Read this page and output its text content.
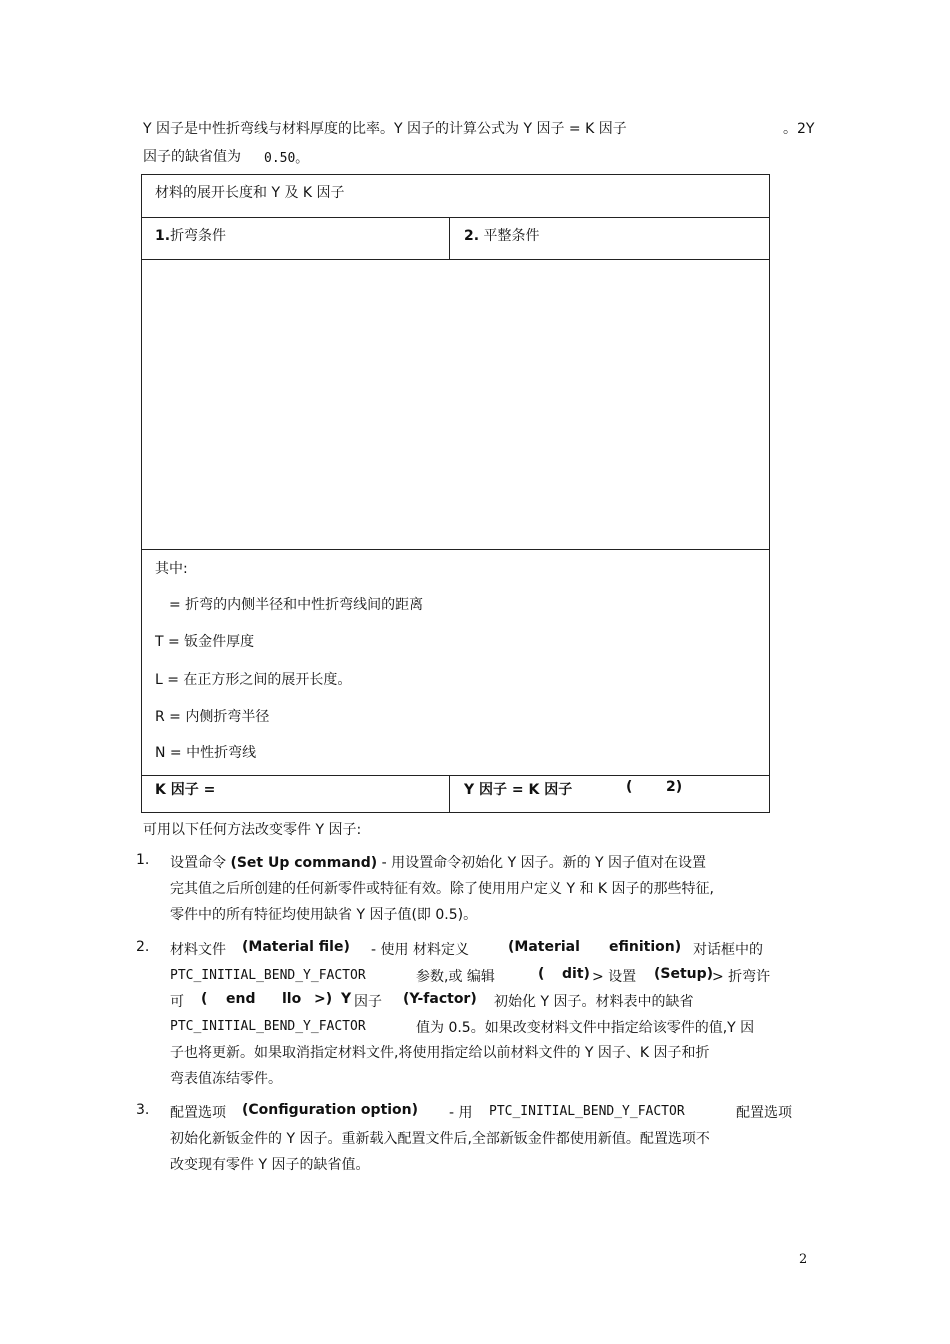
Y 因子是中性折弯线与材料厚度的比率。Y 因子的计算公式为 Y 因子 = K 因子	。2Y
因子的缺省值为 0.50。
材料的展开长度和 Y 及 K 因子
1.折弯条件	2. 平整条件
其中:
= 折弯的内侧半径和中性折弯线间的距离
T = 钣金件厚度
L = 在正方形之间的展开长度。
R = 内侧折弯半径
N = 中性折弯线
K 因子 =	Y 因子 = K 因子	( 2)
可用以下任何方法改变零件 Y 因子:
1. 设置命令 (Set Up command) - 用设置命令初始化 Y 因子。新的 Y 因子值对在设置
完其值之后所创建的任何新零件或特征有效。除了使用用户定义 Y 和 K 因子的那些特征,
零件中的所有特征均使用缺省 Y 因子值(即 0.5)。
2. 材料文件 (Material file) - 使用 材料定义	(Material efinition) 对话框中的
PTC_INITIAL_BEND_Y_FACTOR	参数,或 编辑	( dit) > 设置 (Setup)
> 折弯许
可 ( end llo >) Y 因子 (Y-factor) 初始化 Y 因子。材料表中的缺省
PTC_INITIAL_BEND_Y_FACTOR	值为 0.5。如果改变材料文件中指定给该零件的值,Y 因
子也将更新。如果取消指定材料文件,将使用指定给以前材料文件的 Y 因子、K 因子和折
弯表值冻结零件。
3. 配置选项 (Configuration option) - 用 PTC_INITIAL_BEND_Y_FACTOR	配置选项
初始化新钣金件的 Y 因子。重新载入配置文件后,全部新钣金件都使用新值。配置选项不
改变现有零件 Y 因子的缺省值。
2
